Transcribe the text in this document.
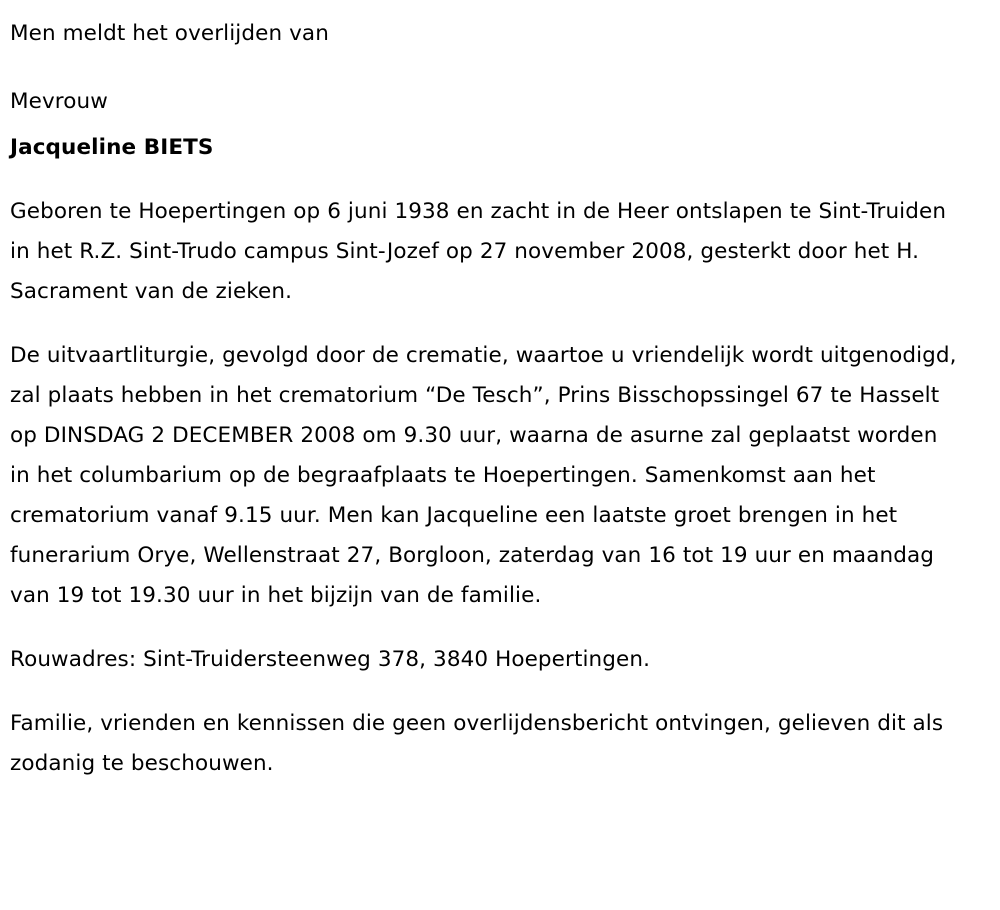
Men meldt het overlijden van
Mevrouw
Jacqueline BIETS
Geboren te Hoepertingen op 6 juni 1938 en zacht in de Heer ontslapen te Sint-Truiden in het R.Z. Sint-Trudo campus Sint-Jozef op 27 november 2008, gesterkt door het H. Sacrament van de zieken.
De uitvaartliturgie, gevolgd door de crematie, waartoe u vriendelijk wordt uitgenodigd, zal plaats hebben in het crematorium “De Tesch”, Prins Bisschopssingel 67 te Hasselt op DINSDAG 2 DECEMBER 2008 om 9.30 uur, waarna de asurne zal geplaatst worden in het columbarium op de begraafplaats te Hoepertingen. Samenkomst aan het crematorium vanaf 9.15 uur. Men kan Jacqueline een laatste groet brengen in het funerarium Orye, Wellenstraat 27, Borgloon, zaterdag van 16 tot 19 uur en maandag van 19 tot 19.30 uur in het bijzijn van de familie.
Rouwadres: Sint-Truidersteenweg 378, 3840 Hoepertingen.
Familie, vrienden en kennissen die geen overlijdensbericht ontvingen, gelieven dit als zodanig te beschouwen.
